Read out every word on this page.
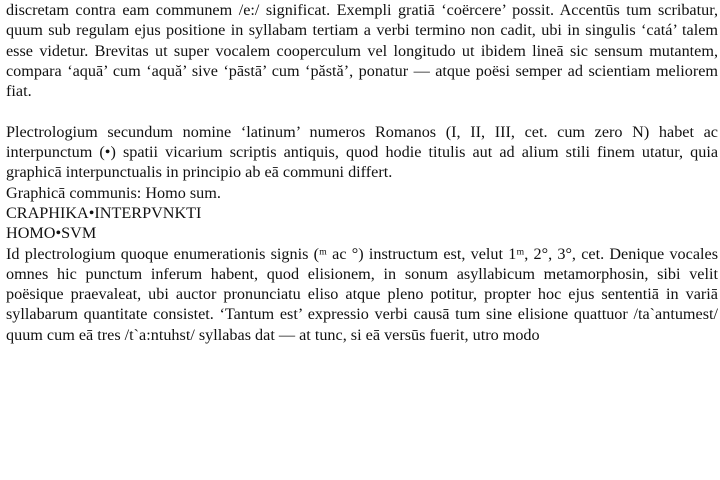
discretam contra eam communem /e:/ significat. Exempli gratiā ‘coërcere’ possit. Accentūs tum scribatur, quum sub regulam ejus positione in syllabam tertiam a verbi termino non cadit, ubi in singulis ‘catá’ talem esse videtur. Brevitas ut super vocalem cooperculum vel longitudo ut ibidem lineā sic sensum mutantem, compara ‘aquā’ cum ‘aquă’ sive ‘pāstā’ cum ‘păstă’, ponatur — atque poësi semper ad scientiam meliorem fiat.

Plectrologium secundum nomine ‘latinum’ numeros Romanos (I, II, III, cet. cum zero N) habet ac interpunctum (•) spatii vicarium scriptis antiquis, quod hodie titulis aut ad alium stili finem utatur, quia graphicā interpunctualis in principio ab eā communi differt.

Graphicā communis: Homo sum.

CRAPHIKA•INTERPVNKTI

HOMO•SVM

Id plectrologium quoque enumerationis signis (ᵐ ac °) instructum est, velut 1ᵐ, 2°, 3°, cet. Denique vocales omnes hic punctum inferum habent, quod elisionem, in sonum asyllabicum metamorphosin, sibi velit poësique praevaleat, ubi auctor pronunciatu eliso atque pleno potitur, propter hoc ejus sententiā in variā syllabarum quantitate consistet. ‘Tantum est’ expressio verbi causā tum sine elisione quattuor /ta`antumest/ quum cum eā tres /t`a:ntuhst/ syllabas dat — at tunc, si eā versūs fuerit, utro modo
